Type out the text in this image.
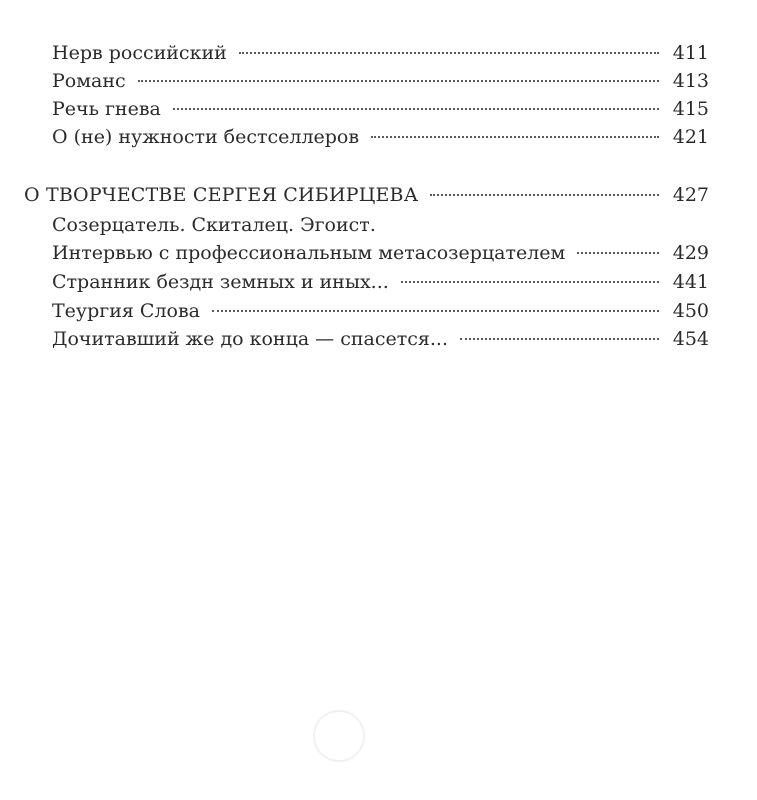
Нерв российский	411
Романс	413
Речь гнева	415
О (не) нужности бестселлеров	421
О ТВОРЧЕСТВЕ СЕРГЕЯ СИБИРЦЕВА	427
Созерцатель. Скиталец. Эгоист.
Интервью с профессиональным метасозерцателем	429
Странник бездн земных и иных...	441
Теургия Слова	450
Дочитавший же до конца — спасется...	454
